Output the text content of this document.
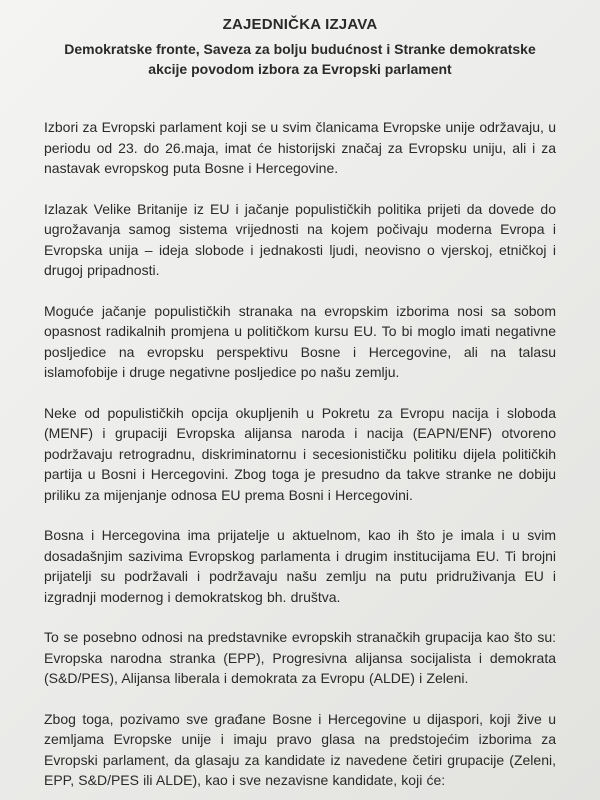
ZAJEDNIČKA IZJAVA
Demokratske fronte, Saveza za bolju budućnost i Stranke demokratske akcije povodom izbora za Evropski parlament

Izbori za Evropski parlament koji se u svim članicama Evropske unije održavaju, u periodu od 23. do 26.maja, imat će historijski značaj za Evropsku uniju, ali i za nastavak evropskog puta Bosne i Hercegovine.

Izlazak Velike Britanije iz EU i jačanje populističkih politika prijeti da dovede do ugrožavanja samog sistema vrijednosti na kojem počivaju moderna Evropa i Evropska unija – ideja slobode i jednakosti ljudi, neovisno o vjerskoj, etničkoj i drugoj pripadnosti.

Moguće jačanje populističkih stranaka na evropskim izborima nosi sa sobom opasnost radikalnih promjena u političkom kursu EU. To bi moglo imati negativne posljedice na evropsku perspektivu Bosne i Hercegovine, ali na talasu islamofobije i druge negativne posljedice po našu zemlju.

Neke od populističkih opcija okupljenih u Pokretu za Evropu nacija i sloboda (MENF) i grupaciji Evropska alijansa naroda i nacija (EAPN/ENF) otvoreno podržavaju retrogradnu, diskriminatornu i secesionističku politiku dijela političkih partija u Bosni i Hercegovini. Zbog toga je presudno da takve stranke ne dobiju priliku za mijenjanje odnosa EU prema Bosni i Hercegovini.

Bosna i Hercegovina ima prijatelje u aktuelnom, kao ih što je imala i u svim dosadašnjim sazivima Evropskog parlamenta i drugim institucijama EU. Ti brojni prijatelji su podržavali i podržavaju našu zemlju na putu pridruživanja EU i izgradnji modernog i demokratskog bh. društva.

To se posebno odnosi na predstavnike evropskih stranačkih grupacija kao što su: Evropska narodna stranka (EPP), Progresivna alijansa socijalista i demokrata (S&D/PES), Alijansa liberala i demokrata za Evropu (ALDE) i Zeleni.

Zbog toga, pozivamo sve građane Bosne i Hercegovine u dijaspori, koji žive u zemljama Evropske unije i imaju pravo glasa na predstojećim izborima za Evropski parlament, da glasaju za kandidate iz navedene četiri grupacije (Zeleni, EPP, S&D/PES ili ALDE), kao i sve nezavisne kandidate, koji će:
